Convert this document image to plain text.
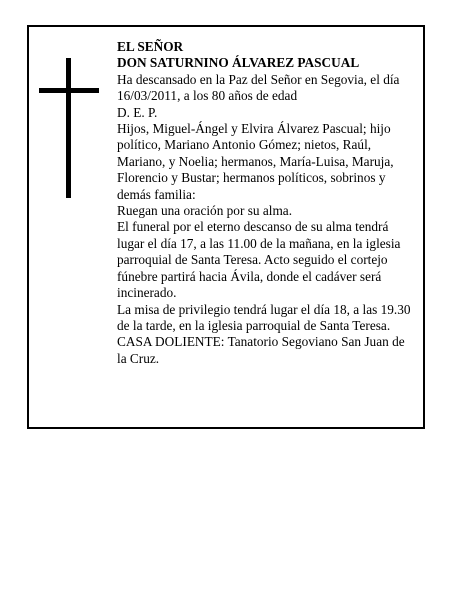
EL SEÑOR

DON SATURNINO ÁLVAREZ PASCUAL

Ha descansado en la Paz del Señor en Segovia, el día 16/03/2011, a los 80 años de edad

D. E. P.

Hijos, Miguel-Ángel y Elvira Álvarez Pascual; hijo político, Mariano Antonio Gómez; nietos, Raúl, Mariano, y Noelia; hermanos, María-Luisa, Maruja, Florencio y Bustar; hermanos políticos, sobrinos y demás familia:

Ruegan una oración por su alma.

El funeral por el eterno descanso de su alma tendrá lugar el día 17, a las 11.00 de la mañana, en la iglesia parroquial de Santa Teresa. Acto seguido el cortejo fúnebre partirá hacia Ávila, donde el cadáver será incinerado.

La misa de privilegio tendrá lugar el día 18, a las 19.30 de la tarde, en la iglesia parroquial de Santa Teresa.

CASA DOLIENTE: Tanatorio Segoviano San Juan de la Cruz.
